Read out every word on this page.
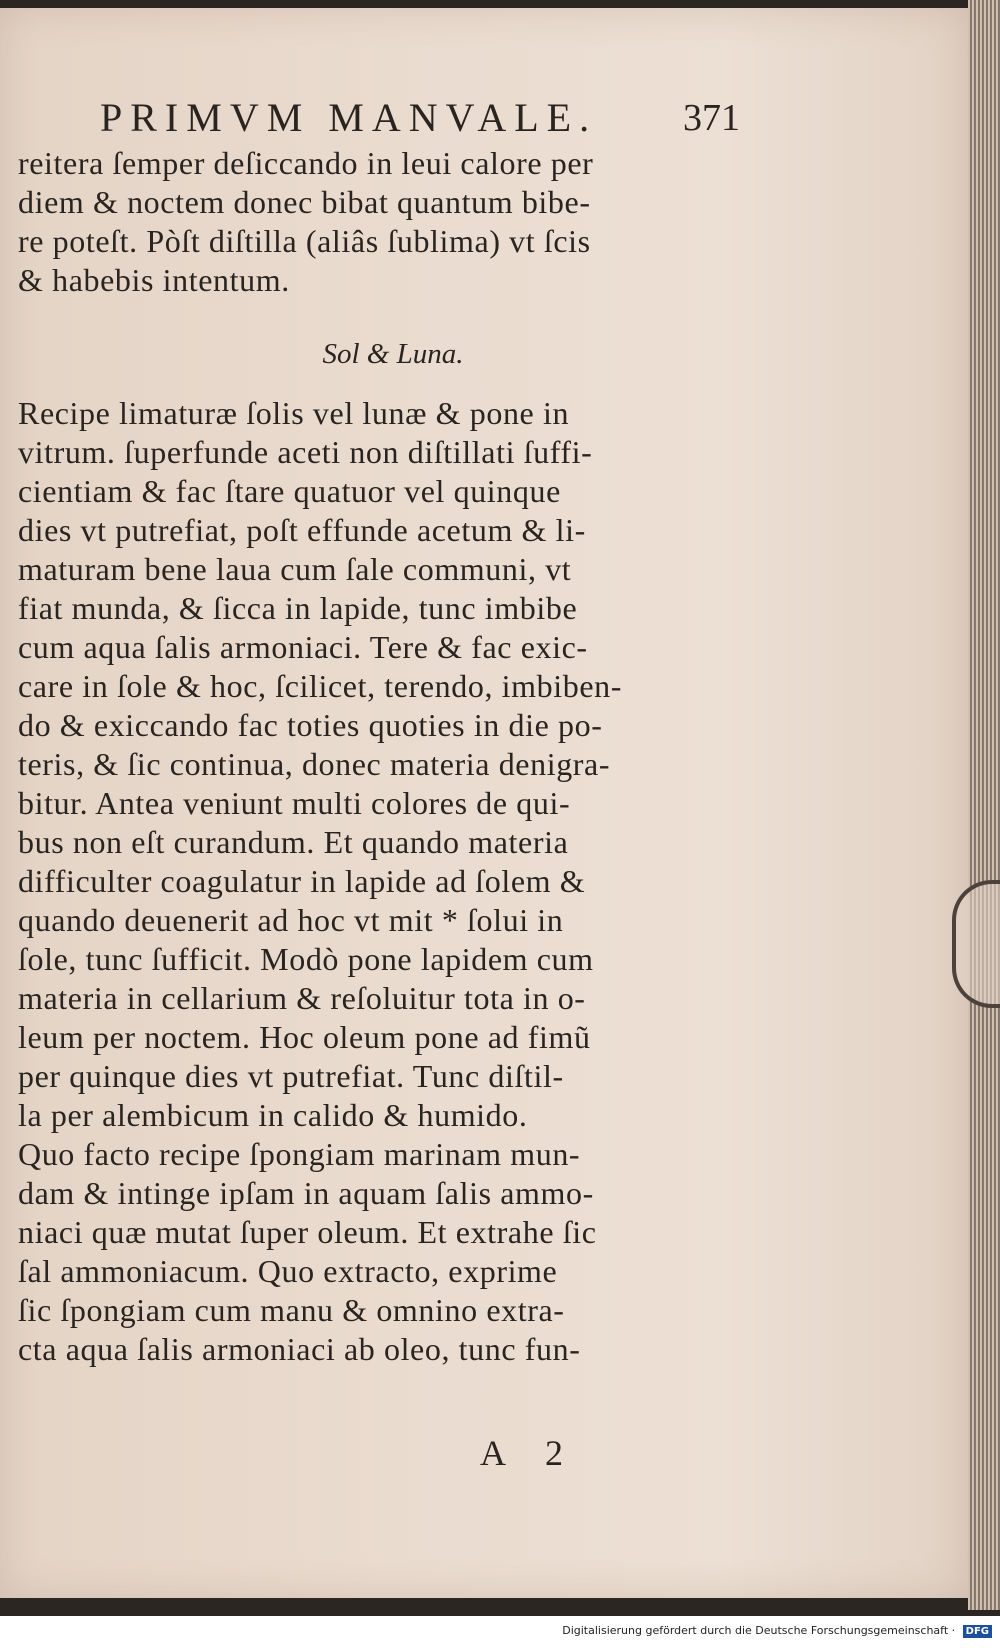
PRIMVM MANVALE. 371
reitera ſemper deſiccando in leui calore per
diem & noctem donec bibat quantum bibe-
re poteſt. Pòſt diſtilla (aliâs ſublima) vt ſcis
& habebis intentum.
Sol & Luna.
Recipe limaturæ ſolis vel lunæ & pone in
vitrum. ſuperfunde aceti non diſtillati ſuffi-
cientiam & fac ſtare quatuor vel quinque
dies vt putrefiat, poſt effunde acetum & li-
maturam bene laua cum ſale communi, vt
fiat munda, & ſicca in lapide, tunc imbibe
cum aqua ſalis armoniaci. Tere & fac exic-
care in ſole & hoc, ſcilicet, terendo, imbiben-
do & exiccando fac toties quoties in die po-
teris, & ſic continua, donec materia denigra-
bitur. Antea veniunt multi colores de qui-
bus non eſt curandum. Et quando materia
difficulter coagulatur in lapide ad ſolem &
quando deuenerit ad hoc vt mit * ſolui in
ſole, tunc ſufficit. Modò pone lapidem cum
materia in cellarium & reſoluitur tota in o-
leum per noctem. Hoc oleum pone ad fimũ
per quinque dies vt putrefiat. Tunc diſtil-
la per alembicum in calido & humido.
Quo facto recipe ſpongiam marinam mun-
dam & intinge ipſam in aquam ſalis ammo-
niaci quæ mutat ſuper oleum. Et extrahe ſic
ſal ammoniacum. Quo extracto, exprime
ſic ſpongiam cum manu & omnino extra-
cta aqua ſalis armoniaci ab oleo, tunc fun-
A 2
Digitalisierung gefördert durch die Deutsche Forschungsgemeinschaft · DFG
